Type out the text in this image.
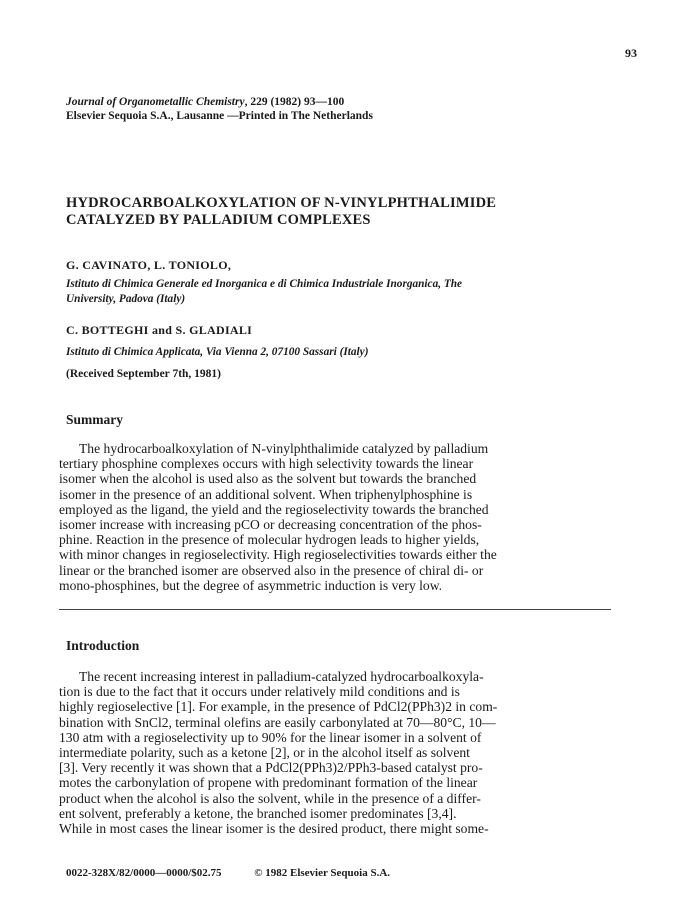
93
Journal of Organometallic Chemistry, 229 (1982) 93—100
Elsevier Sequoia S.A., Lausanne —Printed in The Netherlands
HYDROCARBOALKOXYLATION OF N-VINYLPHTHALIMIDE
CATALYZED BY PALLADIUM COMPLEXES
G. CAVINATO, L. TONIOLO,
Istituto di Chimica Generale ed Inorganica e di Chimica Industriale Inorganica, The
University, Padova (Italy)
C. BOTTEGHI and S. GLADIALI
Istituto di Chimica Applicata, Via Vienna 2, 07100 Sassari (Italy)
(Received September 7th, 1981)
Summary
The hydrocarboalkoxylation of N-vinylphthalimide catalyzed by palladium
tertiary phosphine complexes occurs with high selectivity towards the linear
isomer when the alcohol is used also as the solvent but towards the branched
isomer in the presence of an additional solvent. When triphenylphosphine is
employed as the ligand, the yield and the regioselectivity towards the branched
isomer increase with increasing pCO or decreasing concentration of the phos-
phine. Reaction in the presence of molecular hydrogen leads to higher yields,
with minor changes in regioselectivity. High regioselectivities towards either the
linear or the branched isomer are observed also in the presence of chiral di- or
mono-phosphines, but the degree of asymmetric induction is very low.
Introduction
The recent increasing interest in palladium-catalyzed hydrocarboalkoxyla-
tion is due to the fact that it occurs under relatively mild conditions and is
highly regioselective [1]. For example, in the presence of PdCl2(PPh3)2 in com-
bination with SnCl2, terminal olefins are easily carbonylated at 70—80°C, 10—
130 atm with a regioselectivity up to 90% for the linear isomer in a solvent of
intermediate polarity, such as a ketone [2], or in the alcohol itself as solvent
[3]. Very recently it was shown that a PdCl2(PPh3)2/PPh3-based catalyst pro-
motes the carbonylation of propene with predominant formation of the linear
product when the alcohol is also the solvent, while in the presence of a differ-
ent solvent, preferably a ketone, the branched isomer predominates [3,4].
While in most cases the linear isomer is the desired product, there might some-
0022-328X/82/0000—0000/$02.75	© 1982 Elsevier Sequoia S.A.
